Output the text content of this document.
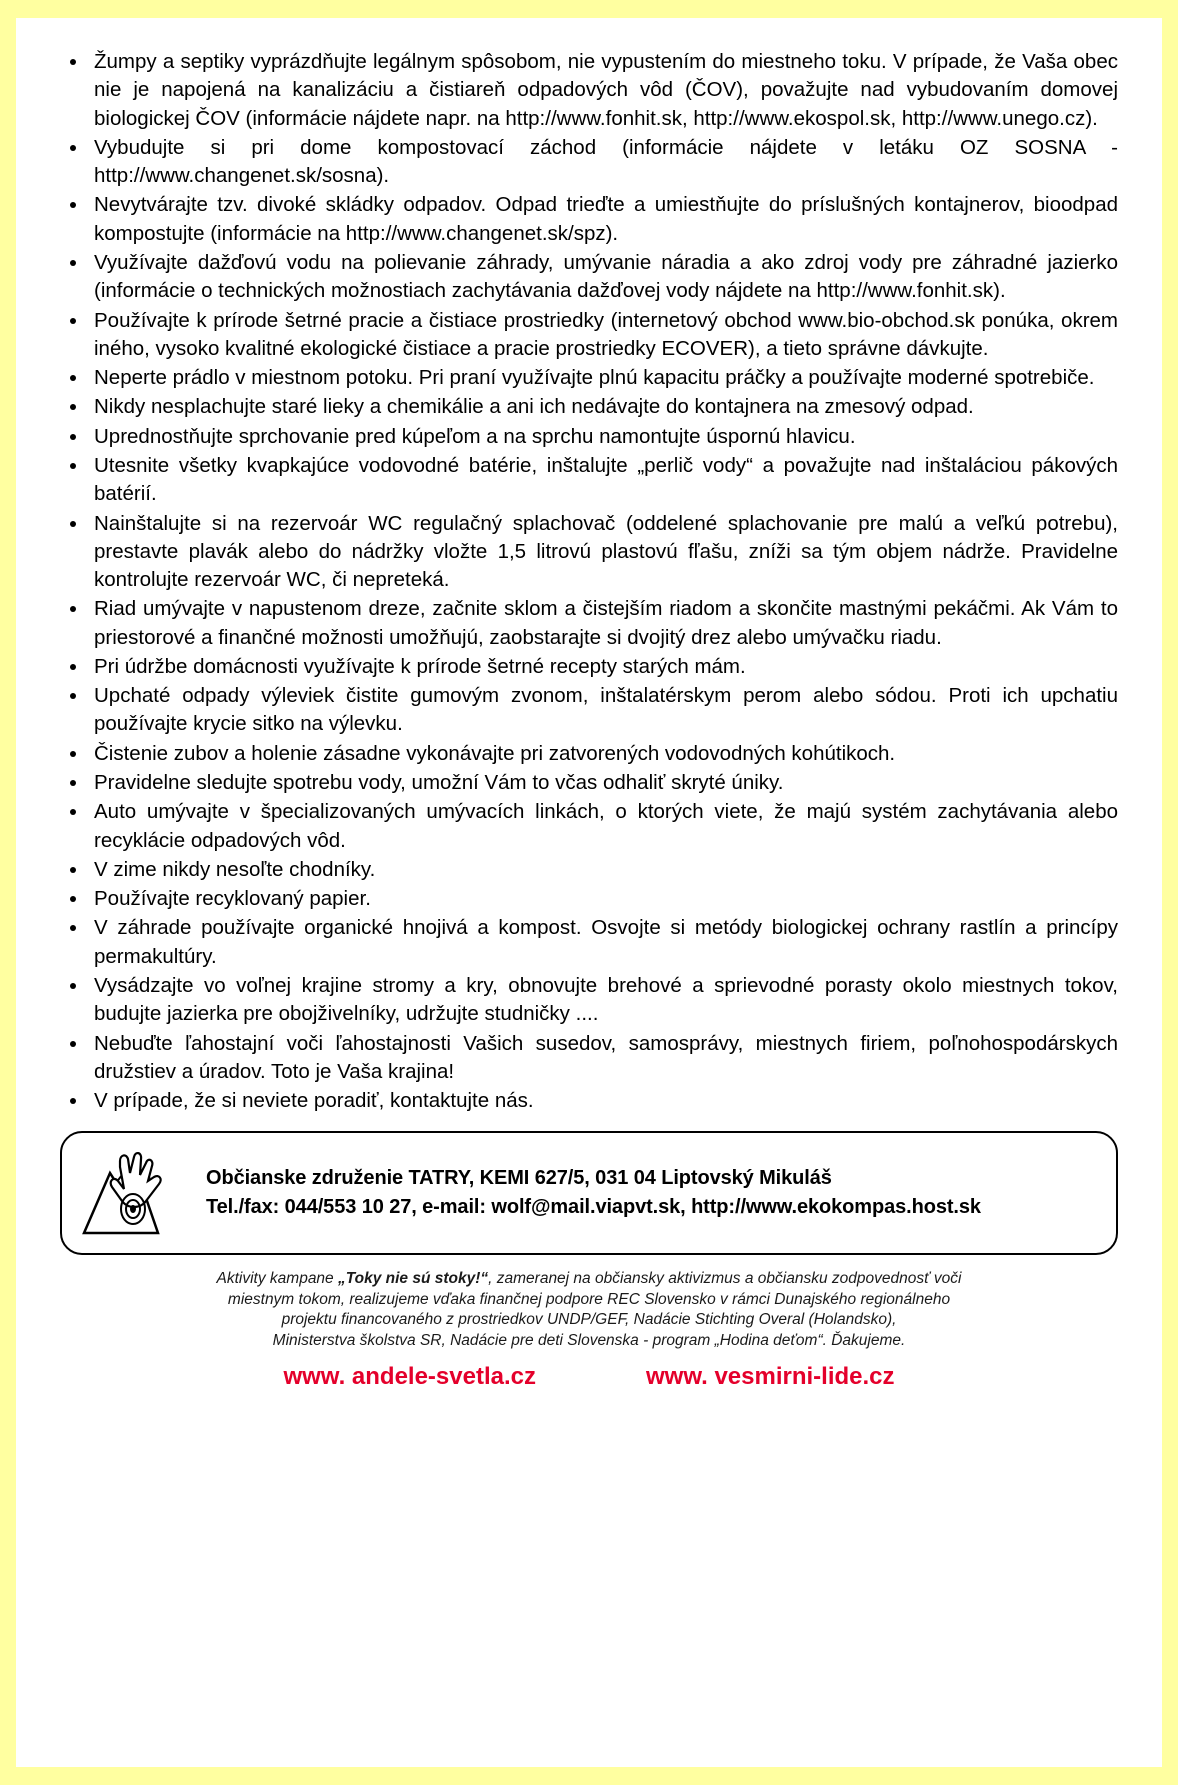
Žumpy a septiky vyprázdňujte legálnym spôsobom, nie vypustením do miestneho toku. V prípade, že Vaša obec nie je napojená na kanalizáciu a čistiareň odpadových vôd (ČOV), považujte nad vybudovaním domovej biologickej ČOV (informácie nájdete napr. na http://www.fonhit.sk, http://www.ekospol.sk, http://www.unego.cz).
Vybudujte si pri dome kompostovací záchod (informácie nájdete v letáku OZ SOSNA - http://www.changenet.sk/sosna).
Nevytvárajte tzv. divoké skládky odpadov. Odpad trieďte a umiestňujte do príslušných kontajnerov, bioodpad kompostujte (informácie na http://www.changenet.sk/spz).
Využívajte dažďovú vodu na polievanie záhrady, umývanie náradia a ako zdroj vody pre záhradné jazierko (informácie o technických možnostiach zachytávania dažďovej vody nájdete na http://www.fonhit.sk).
Používajte k prírode šetrné pracie a čistiace prostriedky (internetový obchod www.bio-obchod.sk ponúka, okrem iného, vysoko kvalitné ekologické čistiace a pracie prostriedky ECOVER), a tieto správne dávkujte.
Neperte prádlo v miestnom potoku. Pri praní využívajte plnú kapacitu práčky a používajte moderné spotrebiče.
Nikdy nesplachujte staré lieky a chemikálie a ani ich nedávajte do kontajnera na zmesový odpad.
Uprednostňujte sprchovanie pred kúpeľom a na sprchu namontujte úspornú hlavicu.
Utesnite všetky kvapkajúce vodovodné batérie, inštalujte „perlič vody“ a považujte nad inštaláciou pákových batérií.
Nainštalujte si na rezervoár WC regulačný splachovač (oddelené splachovanie pre malú a veľkú potrebu), prestavte plavák alebo do nádržky vložte 1,5 litrovú plastovú fľašu, zníži sa tým objem nádrže. Pravidelne kontrolujte rezervoár WC, či nepreteká.
Riad umývajte v napustenom dreze, začnite sklom a čistejším riadom a skončite mastnými pekáčmi. Ak Vám to priestorové a finančné možnosti umožňujú, zaobstarajte si dvojitý drez alebo umývačku riadu.
Pri údržbe domácnosti využívajte k prírode šetrné recepty starých mám.
Upchaté odpady výleviek čistite gumovým zvonom, inštalatérskym perom alebo sódou. Proti ich upchatiu používajte krycie sitko na výlevku.
Čistenie zubov a holenie zásadne vykonávajte pri zatvorených vodovodných kohútikoch.
Pravidelne sledujte spotrebu vody, umožní Vám to včas odhaliť skryté úniky.
Auto umývajte v špecializovaných umývacích linkách, o ktorých viete, že majú systém zachytávania alebo recyklácie odpadových vôd.
V zime nikdy nesoľte chodníky.
Používajte recyklovaný papier.
V záhrade používajte organické hnojivá a kompost. Osvojte si metódy biologickej ochrany rastlín a princípy permakultúry.
Vysádzajte vo voľnej krajine stromy a kry, obnovujte brehové a sprievodné porasty okolo miestnych tokov, budujte jazierka pre obojživelníky, udržujte studničky ....
Nebuďte ľahostajní voči ľahostajnosti Vašich susedov, samosprávy, miestnych firiem, poľnohospodárskych družstiev a úradov. Toto je Vaša krajina!
V prípade, že si neviete poradiť, kontaktujte nás.
Občianske združenie TATRY, KEMI 627/5, 031 04 Liptovský Mikuláš
Tel./fax: 044/553 10 27, e-mail: wolf@mail.viapvt.sk, http://www.ekokompas.host.sk
Aktivity kampane „Toky nie sú stoky!“, zameranej na občiansky aktivizmus a občiansku zodpovednosť voči
miestnym tokom, realizujeme vďaka finančnej podpore REC Slovensko v rámci Dunajského regionálneho
projektu financovaného z prostriedkov UNDP/GEF, Nadácie Stichting Overal (Holandsko),
Ministerstva školstva SR, Nadácie pre deti Slovenska - program „Hodina deťom“. Ďakujeme.
www. andele-svetla.cz	www. vesmirni-lide.cz
